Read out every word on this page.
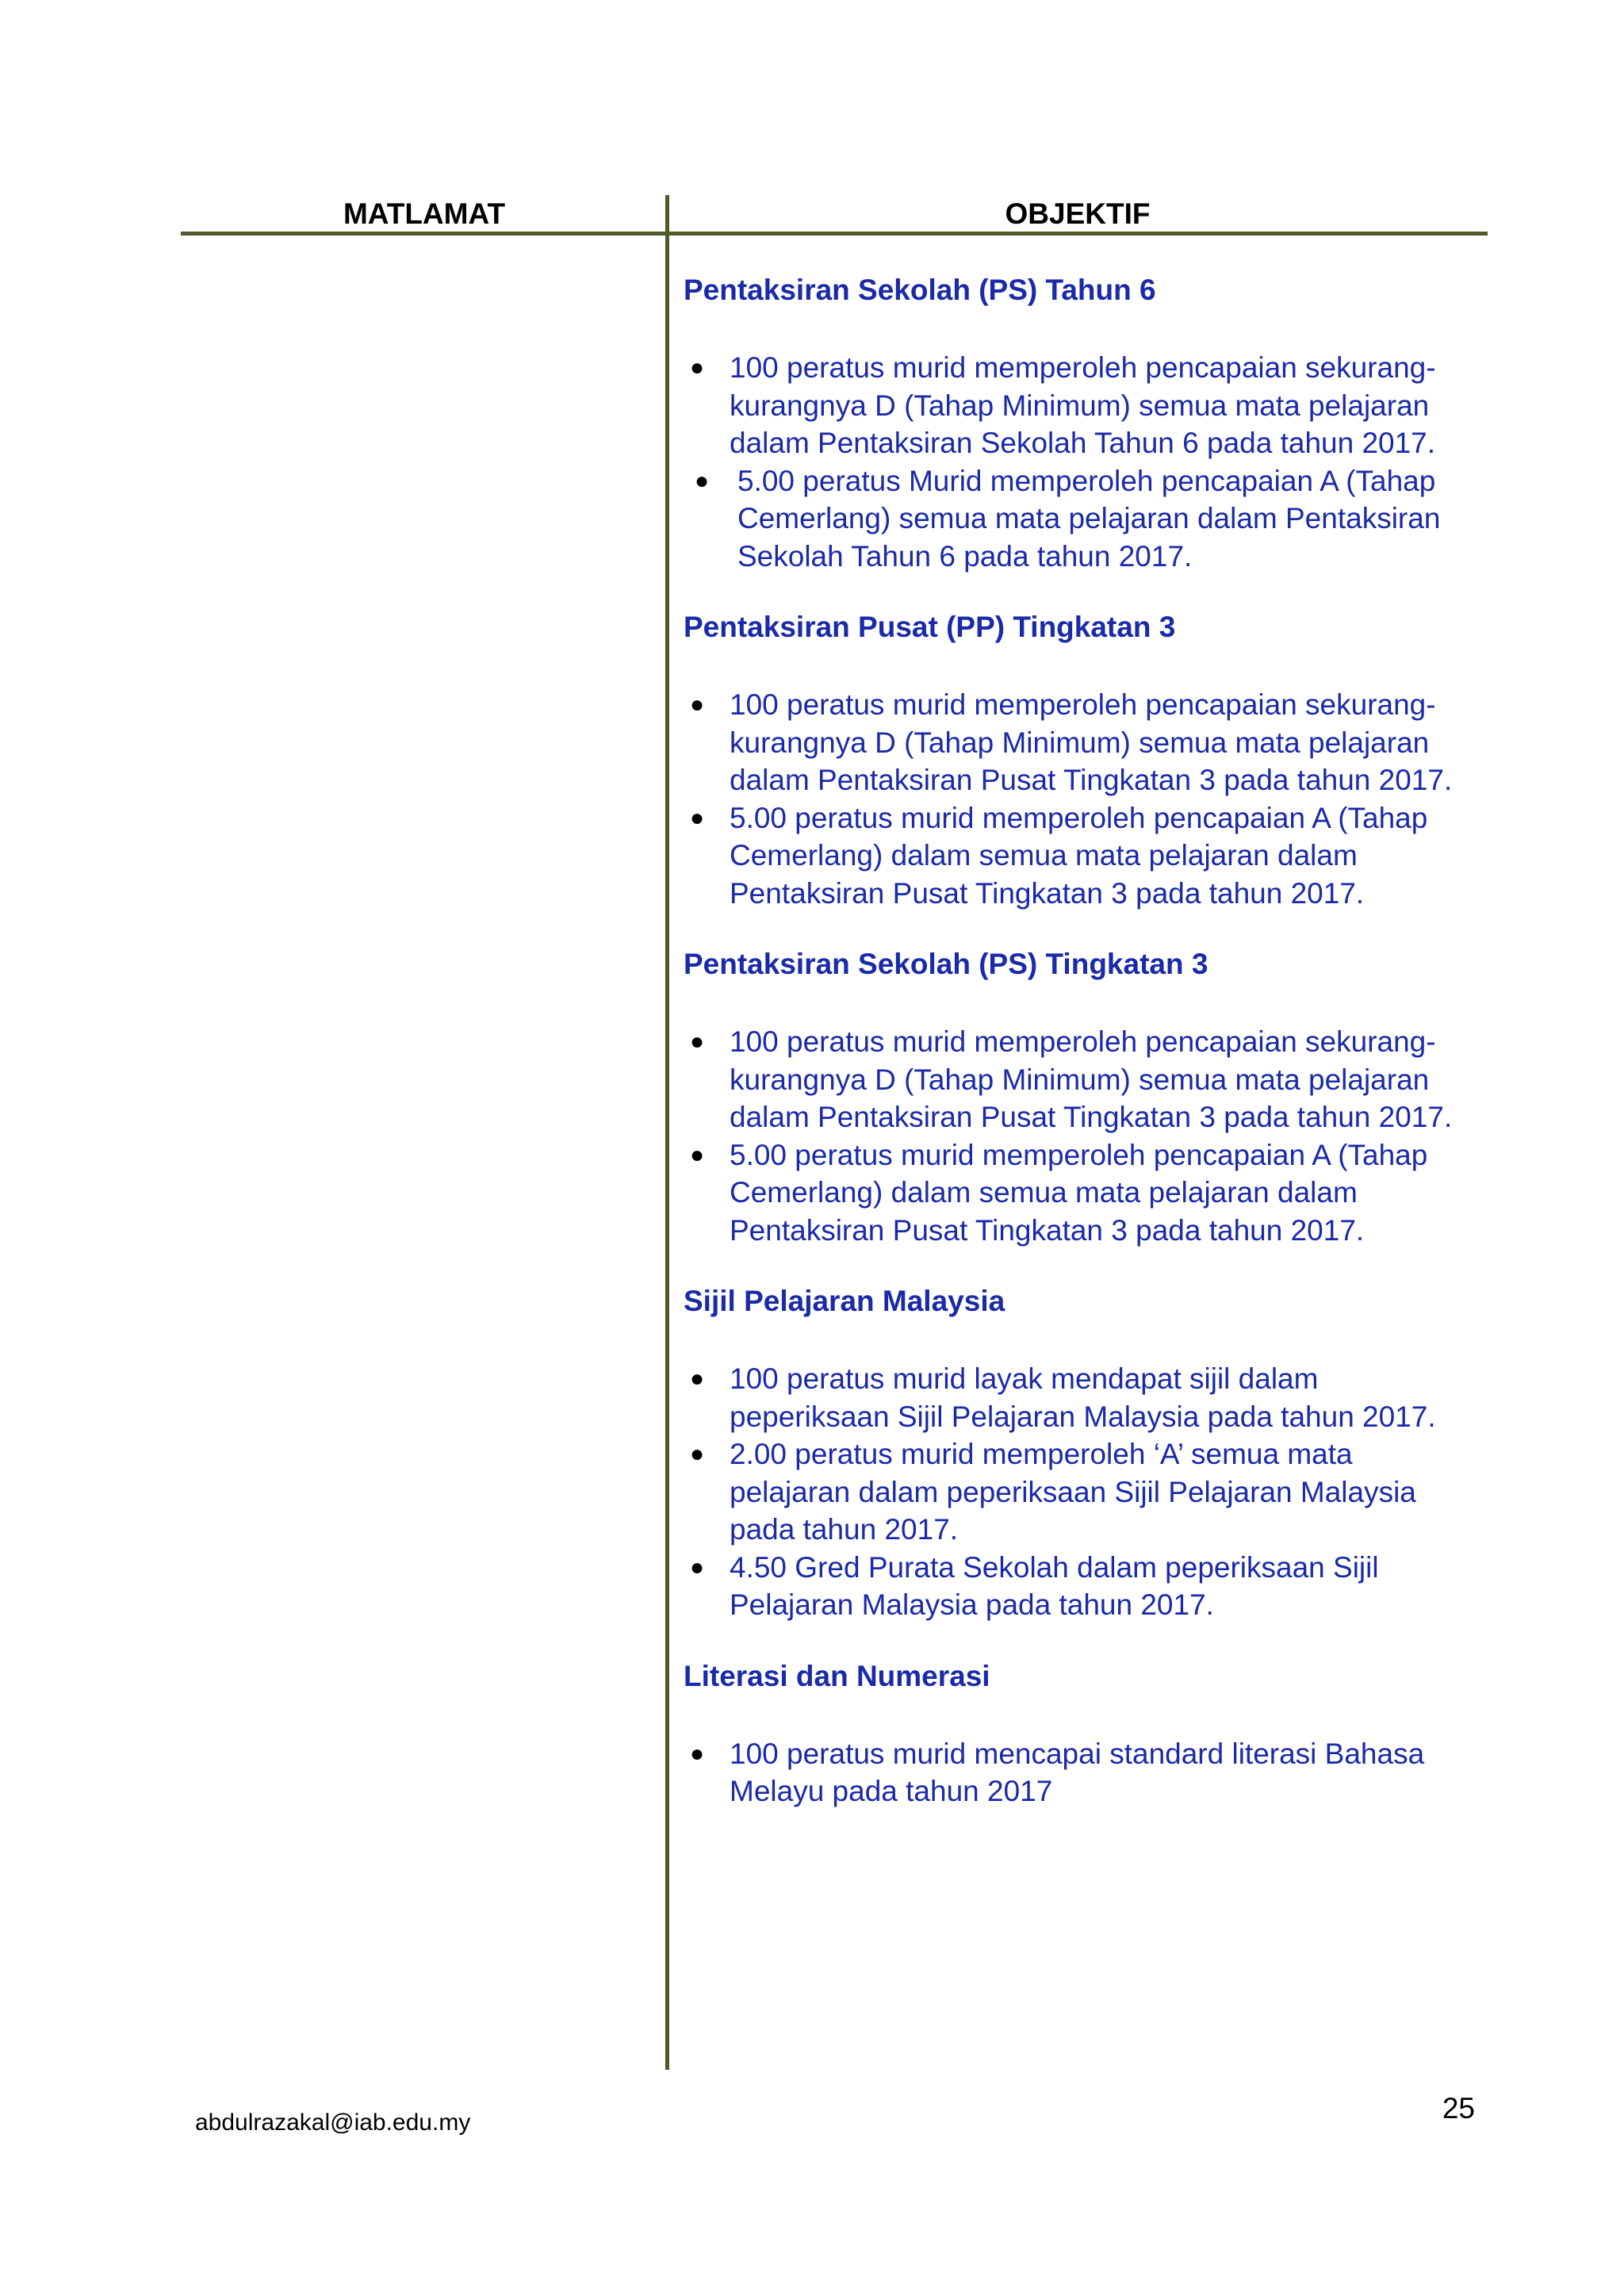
MATLAMAT	OBJEKTIF

Pentaksiran Sekolah (PS) Tahun 6

● 100 peratus murid memperoleh pencapaian sekurang-kurangnya D (Tahap Minimum) semua mata pelajaran dalam Pentaksiran Sekolah Tahun 6 pada tahun 2017.
● 5.00 peratus Murid memperoleh pencapaian A (Tahap Cemerlang) semua mata pelajaran dalam Pentaksiran Sekolah Tahun 6 pada tahun 2017.

Pentaksiran Pusat (PP) Tingkatan 3

● 100 peratus murid memperoleh pencapaian sekurang-kurangnya D (Tahap Minimum) semua mata pelajaran dalam Pentaksiran Pusat Tingkatan 3 pada tahun 2017.
● 5.00 peratus murid memperoleh pencapaian A (Tahap Cemerlang) dalam semua mata pelajaran dalam Pentaksiran Pusat Tingkatan 3 pada tahun 2017.

Pentaksiran Sekolah (PS) Tingkatan 3

● 100 peratus murid memperoleh pencapaian sekurang-kurangnya D (Tahap Minimum) semua mata pelajaran dalam Pentaksiran Pusat Tingkatan 3 pada tahun 2017.
● 5.00 peratus murid memperoleh pencapaian A (Tahap Cemerlang) dalam semua mata pelajaran dalam Pentaksiran Pusat Tingkatan 3 pada tahun 2017.

Sijil Pelajaran Malaysia

● 100 peratus murid layak mendapat sijil dalam peperiksaan Sijil Pelajaran Malaysia pada tahun 2017.
● 2.00 peratus murid memperoleh ‘A’ semua mata pelajaran dalam peperiksaan Sijil Pelajaran Malaysia pada tahun 2017.
● 4.50 Gred Purata Sekolah dalam peperiksaan Sijil Pelajaran Malaysia pada tahun 2017.

Literasi dan Numerasi

● 100 peratus murid mencapai standard literasi Bahasa Melayu pada tahun 2017
abdulrazakal@iab.edu.my	25
